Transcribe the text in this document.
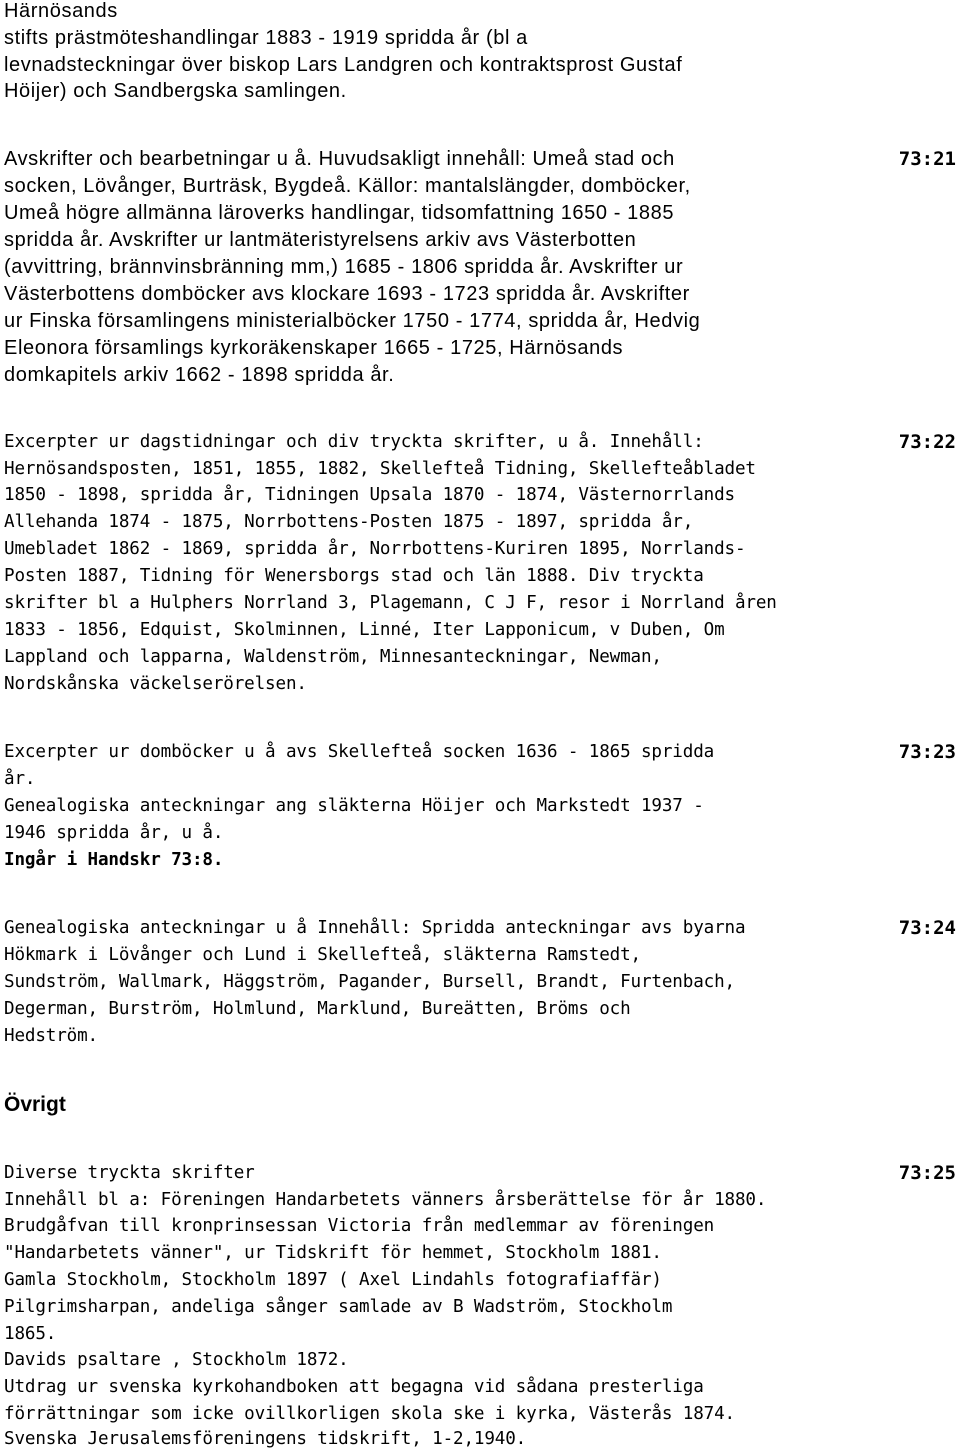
Härnösands
stifts prästmöteshandlingar 1883 - 1919 spridda år (bl a
levnadsteckningar över biskop Lars Landgren och kontraktsprost Gustaf
Höijer) och Sandbergska samlingen.
73:21
Avskrifter och bearbetningar u å. Huvudsakligt innehåll: Umeå stad och
socken, Lövånger, Burträsk, Bygdeå. Källor: mantalslängder, domböcker,
Umeå högre allmänna läroverks handlingar, tidsomfattning 1650 - 1885
spridda år. Avskrifter ur lantmäteristyrelsens arkiv avs Västerbotten
(avvittring, brännvinsbränning mm,) 1685 - 1806 spridda år. Avskrifter ur
Västerbottens domböcker avs klockare 1693 - 1723 spridda år. Avskrifter
ur Finska församlingens ministerialböcker 1750 - 1774, spridda år, Hedvig
Eleonora församlings kyrkoräkenskaper 1665 - 1725, Härnösands
domkapitels arkiv 1662 - 1898 spridda år.
73:22
Excerpter ur dagstidningar och div tryckta skrifter, u å. Innehåll:
Hernösandsposten, 1851, 1855, 1882, Skellefteå Tidning, Skellefteåbladet
1850 - 1898, spridda år, Tidningen Upsala 1870 - 1874, Västernorrlands
Allehanda 1874 - 1875, Norrbottens-Posten 1875 - 1897, spridda år,
Umebladet 1862 - 1869, spridda år, Norrbottens-Kuriren 1895, Norrlands-
Posten 1887, Tidning för Wenersborgs stad och län 1888. Div tryckta
skrifter bl a Hulphers Norrland 3, Plagemann, C J F, resor i Norrland åren
1833 - 1856, Edquist, Skolminnen, Linné, Iter Lapponicum, v Duben, Om
Lappland och lapparna, Waldenström, Minnesanteckningar, Newman,
Nordskånska väckelserörelsen.
73:23
Excerpter ur domböcker u å avs Skellefteå socken 1636 - 1865 spridda
år.
Genealogiska anteckningar ang släkterna Höijer och Markstedt 1937 -
1946 spridda år, u å.
Ingår i Handskr 73:8.
73:24
Genealogiska anteckningar u å Innehåll: Spridda anteckningar avs byarna
Hökmark i Lövånger och Lund i Skellefteå, släkterna Ramstedt,
Sundström, Wallmark, Häggström, Pagander, Bursell, Brandt, Furtenbach,
Degerman, Burström, Holmlund, Marklund, Bureätten, Bröms och
Hedström.
Övrigt
73:25
Diverse tryckta skrifter
Innehåll bl a: Föreningen Handarbetets vänners årsberättelse för år 1880.
Brudgåfvan till kronprinsessan Victoria från medlemmar av föreningen
"Handarbetets vänner", ur Tidskrift för hemmet, Stockholm 1881.
Gamla Stockholm, Stockholm 1897 ( Axel Lindahls fotografiaffär)
Pilgrimsharpan, andeliga sånger samlade av B Wadström, Stockholm
1865.
Davids psaltare , Stockholm 1872.
Utdrag ur svenska kyrkohandboken att begagna vid sådana presterliga
förrättningar som icke ovillkorligen skola ske i kyrka, Västerås 1874.
Svenska Jerusalemsföreningens tidskrift, 1-2,1940.
